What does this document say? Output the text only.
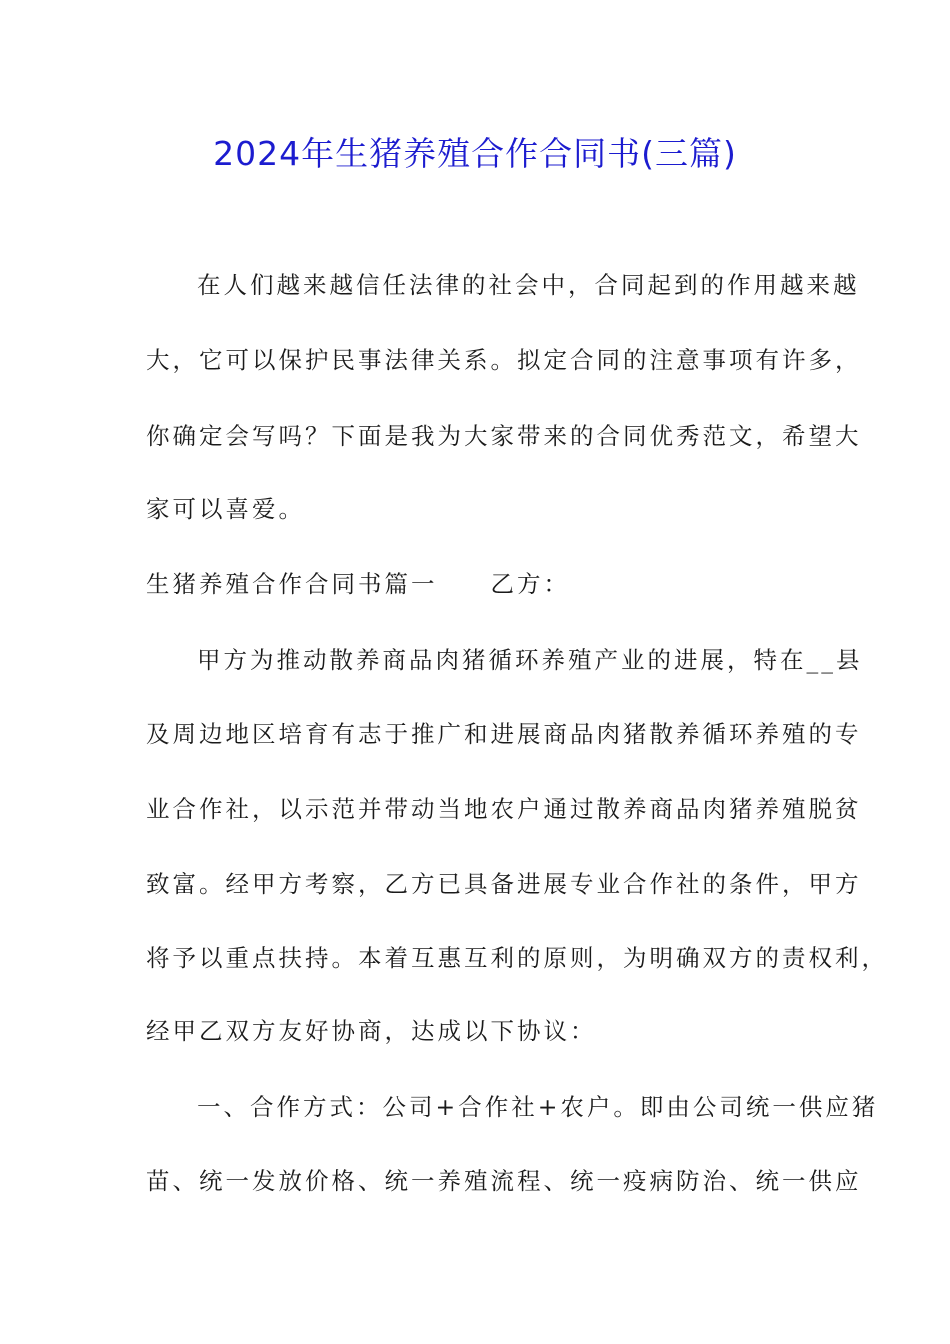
2024年生猪养殖合作合同书(三篇)
在人们越来越信任法律的社会中，合同起到的作用越来越
大，它可以保护民事法律关系。拟定合同的注意事项有许多，
你确定会写吗？下面是我为大家带来的合同优秀范文，希望大
家可以喜爱。
生猪养殖合作合同书篇一　　乙方：
甲方为推动散养商品肉猪循环养殖产业的进展，特在__县
及周边地区培育有志于推广和进展商品肉猪散养循环养殖的专
业合作社，以示范并带动当地农户通过散养商品肉猪养殖脱贫
致富。经甲方考察，乙方已具备进展专业合作社的条件，甲方
将予以重点扶持。本着互惠互利的原则，为明确双方的责权利，
经甲乙双方友好协商，达成以下协议：
一、合作方式：公司+合作社+农户。即由公司统一供应猪
苗、统一发放价格、统一养殖流程、统一疫病防治、统一供应
